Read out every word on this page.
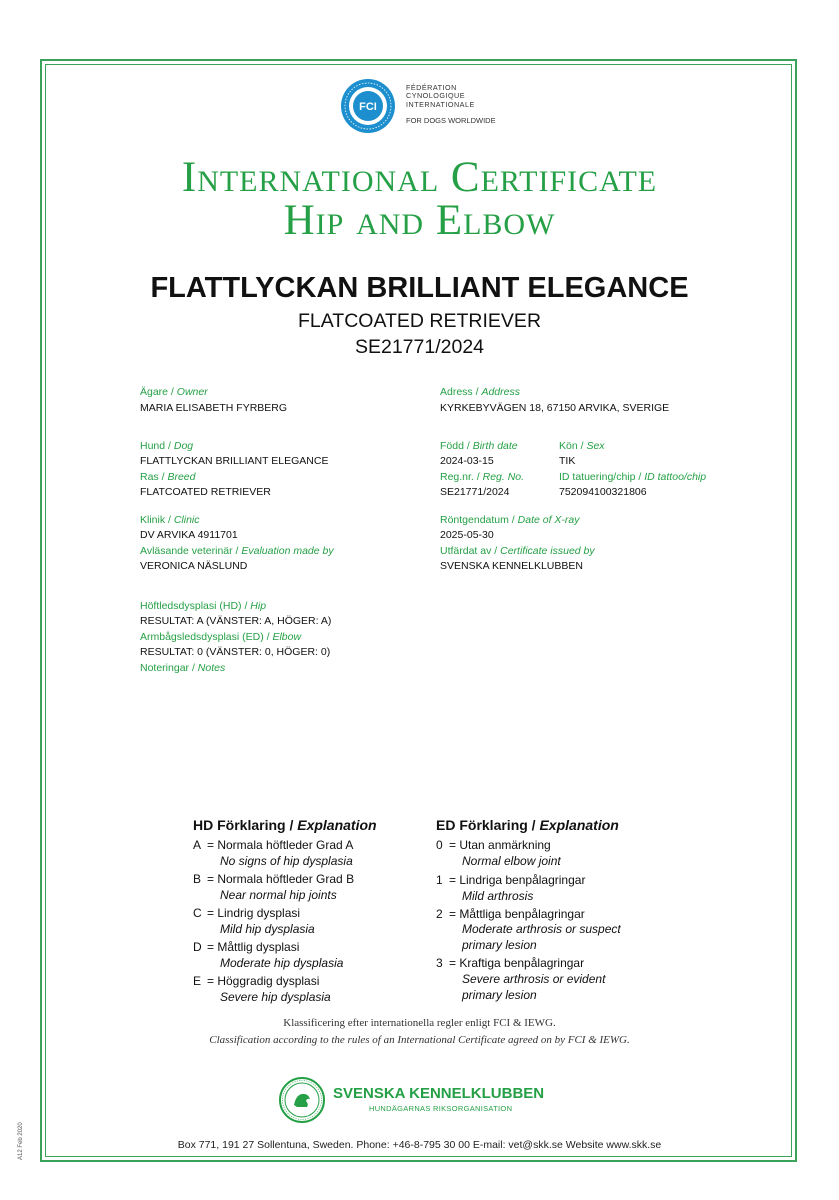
FCI
FÉDÉRATION
CYNOLOGIQUE
INTERNATIONALE
FOR DOGS WORLDWIDE
International Certificate
Hip and Elbow
FLATTLYCKAN BRILLIANT ELEGANCE
FLATCOATED RETRIEVER
SE21771/2024
Ägare / Owner
MARIA ELISABETH FYRBERG
Hund / Dog
FLATTLYCKAN BRILLIANT ELEGANCE
Ras / Breed
FLATCOATED RETRIEVER
Klinik / Clinic
DV ARVIKA 4911701
Avläsande veterinär / Evaluation made by
VERONICA NÄSLUND
Höftledsdysplasi (HD) / Hip
RESULTAT: A (VÄNSTER: A, HÖGER: A)
Armbågsledsdysplasi (ED) / Elbow
RESULTAT: 0 (VÄNSTER: 0, HÖGER: 0)
Noteringar / Notes
Adress / Address
KYRKEBYVÄGEN 18, 67150 ARVIKA, SVERIGE
Född / Birth date
2024-03-15
Kön / Sex
TIK
Reg.nr. / Reg. No.
SE21771/2024
ID tatuering/chip / ID tattoo/chip
752094100321806
Röntgendatum / Date of X-ray
2025-05-30
Utfärdat av / Certificate issued by
SVENSKA KENNELKLUBBEN
HD Förklaring / Explanation
A = Normala höftleder Grad A
No signs of hip dysplasia
B = Normala höftleder Grad B
Near normal hip joints
C = Lindrig dysplasi
Mild hip dysplasia
D = Måttlig dysplasi
Moderate hip dysplasia
E = Höggradig dysplasi
Severe hip dysplasia
ED Förklaring / Explanation
0 = Utan anmärkning
Normal elbow joint
1 = Lindriga benpålagringar
Mild arthrosis
2 = Måttliga benpålagringar
Moderate arthrosis or suspect
primary lesion
3 = Kraftiga benpålagringar
Severe arthrosis or evident
primary lesion
Klassificering efter internationella regler enligt FCI & IEWG.
Classification according to the rules of an International Certificate agreed on by FCI & IEWG.
SVENSKA KENNELKLUBBEN
HUNDÄGARNAS RIKSORGANISATION
Box 771, 191 27 Sollentuna, Sweden. Phone: +46-8-795 30 00 E-mail: vet@skk.se Website www.skk.se
A12 Feb 2020
